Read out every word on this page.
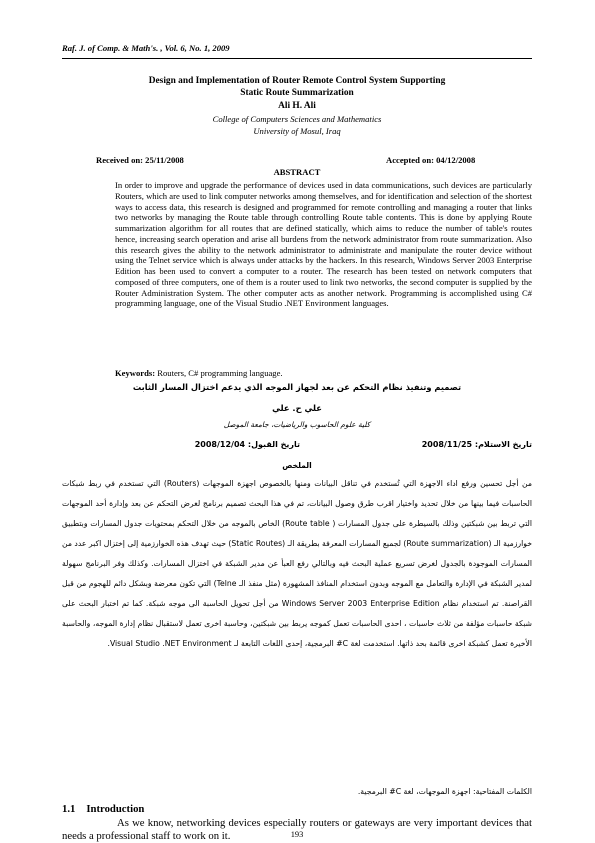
Raf. J. of Comp. & Math's. , Vol. 6, No. 1, 2009
Design and Implementation of Router Remote Control System Supporting
Static Route Summarization
Ali H. Ali
College of Computers Sciences and Mathematics
University of Mosul, Iraq
Received on: 25/11/2008	Accepted on: 04/12/2008
ABSTRACT

In order to improve and upgrade the performance of devices used in data communications, such devices are particularly Routers, which are used to link computer networks among themselves, and for identification and selection of the shortest ways to access data, this research is designed and programmed for remote controlling and managing a router that links two networks by managing the Route table through controlling Route table contents. This is done by applying Route summarization algorithm for all routes that are defined statically, which aims to reduce the number of table's routes hence, increasing search operation and arise all burdens from the network administrator from route summarization. Also this research gives the ability to the network administrator to administrate and manipulate the router device without using the Telnet service which is always under attacks by the hackers. In this research, Windows Server 2003 Enterprise Edition has been used to convert a computer to a router. The research has been tested on network computers that composed of three computers, one of them is a router used to link two networks, the second computer is supplied by the Router Administration System. The other computer acts as another network. Programming is accomplished using C# programming language, one of the Visual Studio .NET Environment languages.

Keywords: Routers, C# programming language.
تصميم وتنفيذ نظام التحكم عن بعد لجهاز الموجه الذي يدعم اختزال المسار الثابت
علي ح. علي
كلية علوم الحاسوب والرياضيات، جامعة الموصل
تاريخ الاستلام: 2008/11/25
تاريخ القبول: 2008/12/04
الملخص

من أجل تحسين ورفع اداء الاجهزة التي تُستخدم في تناقل البيانات ومنها بالخصوص اجهزة الموجهات (Routers) التي تستخدم في ربط شبكات الحاسبات فيما بينها من خلال تحديد واختيار اقرب طرق وصول البيانات، تم في هذا البحث تصميم برنامج لغرض التحكم عن بعد وإدارة أحد الموجهات التي تربط بين شبكتين وذلك بالسيطرة على جدول المسارات ( Route table) الخاص بالموجه من خلال التحكم بمحتويات جدول المسارات وبتطبيق خوارزمية الـ (Route summarization) لجميع المسارات المعرفة بطريقة الـ (Static Routes) حيث تهدف هذه الخوارزمية إلى إختزال اكبر عدد من المسارات الموجودة بالجدول لغرض تسريع عملية البحث فيه وبالتالي رفع العبأ عن مدير الشبكة في اختزال المسارات. وكذلك وفر البرنامج سهولة لمدير الشبكة في الإدارة والتعامل مع الموجه وبدون استخدام المنافذ المشهورة (مثل منفذ الـ Telne) التي تكون معرضة وبشكل دائم للهجوم من قبل القراصنة. تم استخدام نظام Windows Server 2003 Enterprise Edition من أجل تحويل الحاسبة الى موجه شبكة. كما تم اختبار البحث على شبكة حاسبات مؤلفة من ثلاث حاسبات ، احدى الحاسبات تعمل كموجه يربط بين شبكتين، وحاسبة اخرى تعمل لاستقبال نظام إدارة الموجه، والحاسبة الأخيرة تعمل كشبكة اخرى قائمة بحد ذاتها. استخدمت لغة C# البرمجية، إحدى اللغات التابعة لـ Visual Studio .NET Environment.

الكلمات المفتاحية: اجهزة الموجهات، لغة C# البرمجية.
1.1 Introduction
As we know, networking devices especially routers or gateways are very important devices that needs a professional staff to work on it.	193
